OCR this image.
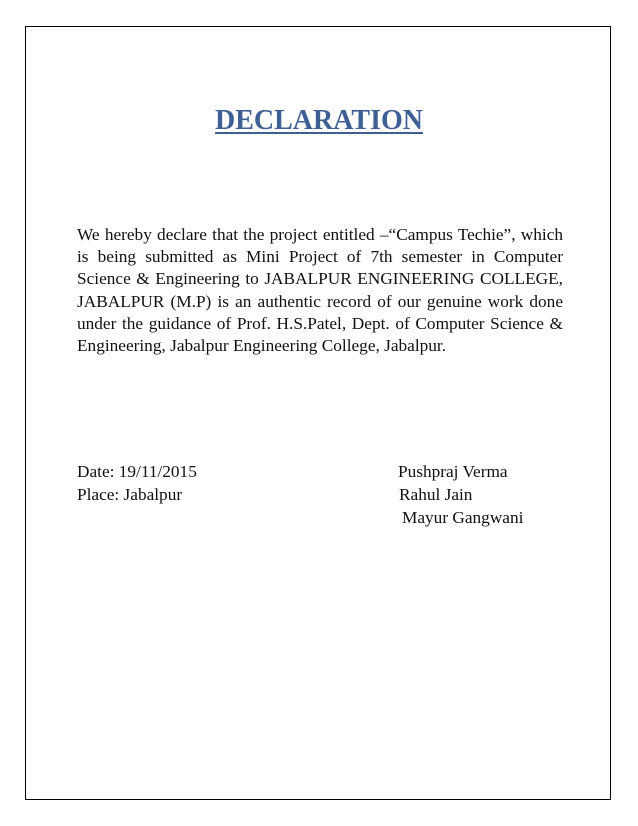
DECLARATION

We hereby declare that the project entitled –“Campus Techie”, which is being submitted as Mini Project of 7th semester in Computer Science & Engineering to JABALPUR ENGINEERING COLLEGE, JABALPUR (M.P) is an authentic record of our genuine work done under the guidance of Prof. H.S.Patel, Dept. of Computer Science & Engineering, Jabalpur Engineering College, Jabalpur.

Date: 19/11/2015
Place: Jabalpur
Pushpraj Verma
Rahul Jain
Mayur Gangwani
